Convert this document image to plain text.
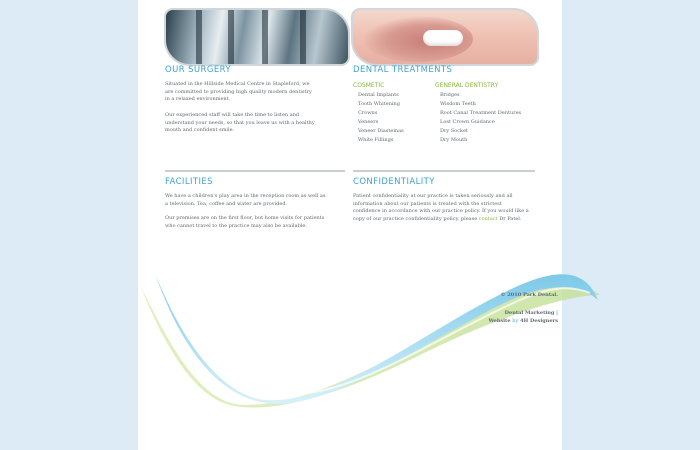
OUR SURGERY

Situated in the Hillside Medical Centre in Stapleford, we are committed to providing high quality modern dentistry in a relaxed environment.

Our experienced staff will take the time to listen and understand your needs, so that you leave us with a healthy mouth and confident smile.

DENTAL TREATMENTS
COSMETIC
Dental Implants
Tooth Whitening
Crowns
Veneers
Veneer Diastemas
White Fillings
GENERAL DENTISTRY
Bridges
Wisdom Teeth
Root Canal Treatment Dentures
Lost Crown Guidance
Dry Socket
Dry Mouth
FACILITIES

We have a children's play area in the reception room as well as a television. Tea, coffee and water are provided.

Our premises are on the first floor, but home visits for patients who cannot travel to the practice may also be available.

CONFIDENTIALITY

Patient confidentiality at our practice is taken seriously and all information about our patients is treated with the strictest confidence in accordance with our practice policy. If you would like a copy of our practice confidentiality policy, please contact Dr Patel.

© 2010 Park Dental.
Dental Marketing |
Website by 4H Designers
